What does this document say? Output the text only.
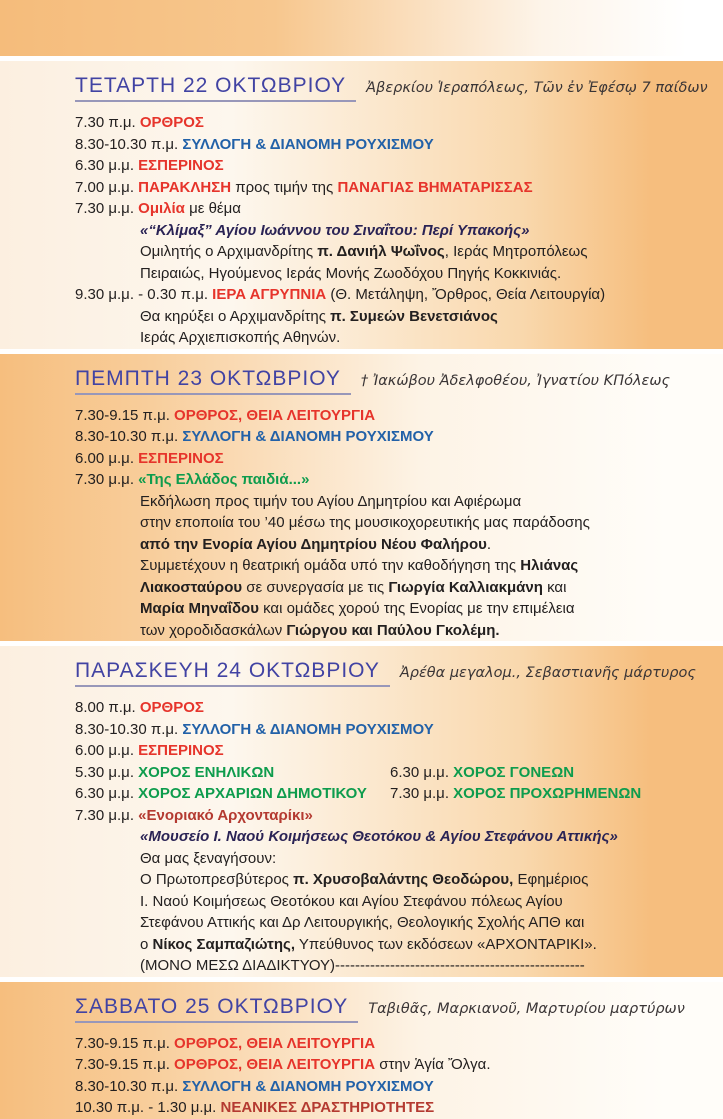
ΤΕΤΑΡΤΗ 22 ΟΚΤΩΒΡΙΟΥ Ἀβερκίου Ἱεραπόλεως, Τῶν ἐν Ἐφέσῳ 7 παίδων
7.30 π.μ. ΟΡΘΡΟΣ
8.30-10.30 π.μ. ΣΥΛΛΟΓΗ & ΔΙΑΝΟΜΗ ΡΟΥΧΙΣΜΟΥ
6.30 μ.μ. ΕΣΠΕΡΙΝΟΣ
7.00 μ.μ. ΠΑΡΑΚΛΗΣΗ προς τιμήν της ΠΑΝΑΓΙΑΣ ΒΗΜΑΤΑΡΙΣΣΑΣ
7.30 μ.μ. Ομιλία με θέμα
«“Κλίμαξ” Αγίου Ιωάννου του Σιναΐτου: Περί Υπακοής»
Ομιλητής ο Αρχιμανδρίτης π. Δανιήλ Ψωΐνος, Ιεράς Μητροπόλεως
Πειραιώς, Ηγούμενος Ιεράς Μονής Ζωοδόχου Πηγής Κοκκινιάς.
9.30 μ.μ. - 0.30 π.μ. ΙΕΡΑ ΑΓΡΥΠΝΙΑ (Θ. Μετάληψη, Ὄρθρος, Θεία Λειτουργία)
Θα κηρύξει ο Αρχιμανδρίτης π. Συμεών Βενετσιάνος
Ιεράς Αρχιεπισκοπής Αθηνών.
ΠΕΜΠΤΗ 23 ΟΚΤΩΒΡΙΟΥ † Ἰακώβου Ἀδελφοθέου, Ἰγνατίου ΚΠόλεως
7.30-9.15 π.μ. ΟΡΘΡΟΣ, ΘΕΙΑ ΛΕΙΤΟΥΡΓΙΑ
8.30-10.30 π.μ. ΣΥΛΛΟΓΗ & ΔΙΑΝΟΜΗ ΡΟΥΧΙΣΜΟΥ
6.00 μ.μ. ΕΣΠΕΡΙΝΟΣ
7.30 μ.μ. «Της Ελλάδος παιδιά...»
Εκδήλωση προς τιμήν του Αγίου Δημητρίου και Αφιέρωμα
στην εποποιία του ’40 μέσω της μουσικοχορευτικής μας παράδοσης
από την Ενορία Αγίου Δημητρίου Νέου Φαλήρου.
Συμμετέχουν η θεατρική ομάδα υπό την καθοδήγηση της Ηλιάνας
Λιακοσταύρου σε συνεργασία με τις Γιωργία Καλλιακμάνη και
Μαρία Μηναΐδου και ομάδες χορού της Ενορίας με την επιμέλεια
των χοροδιδασκάλων Γιώργου και Παύλου Γκολέμη.
ΠΑΡΑΣΚΕΥΗ 24 ΟΚΤΩΒΡΙΟΥ Ἀρέθα μεγαλομ., Σεβαστιανῆς μάρτυρος
8.00 π.μ. ΟΡΘΡΟΣ
8.30-10.30 π.μ. ΣΥΛΛΟΓΗ & ΔΙΑΝΟΜΗ ΡΟΥΧΙΣΜΟΥ
6.00 μ.μ. ΕΣΠΕΡΙΝΟΣ
5.30 μ.μ. ΧΟΡΟΣ ΕΝΗΛΙΚΩΝ	6.30 μ.μ. ΧΟΡΟΣ ΓΟΝΕΩΝ
6.30 μ.μ. ΧΟΡΟΣ ΑΡΧΑΡΙΩΝ ΔΗΜΟΤΙΚΟΥ	7.30 μ.μ. ΧΟΡΟΣ ΠΡΟΧΩΡΗΜΕΝΩΝ
7.30 μ.μ. «Ενοριακό Αρχονταρίκι»
«Μουσείο Ι. Ναού Κοιμήσεως Θεοτόκου & Αγίου Στεφάνου Αττικής»
Θα μας ξεναγήσουν:
Ο Πρωτοπρεσβύτερος π. Χρυσοβαλάντης Θεοδώρου, Εφημέριος
Ι. Ναού Κοιμήσεως Θεοτόκου και Αγίου Στεφάνου πόλεως Αγίου
Στεφάνου Αττικής και Δρ Λειτουργικής, Θεολογικής Σχολής ΑΠΘ και
ο Νίκος Σαμπαζιώτης, Υπεύθυνος των εκδόσεων «ΑΡΧΟΝΤΑΡΙΚΙ».
(ΜΟΝΟ ΜΕΣΩ ΔΙΑΔΙΚΤΥΟΥ)--------------------------------------------------
ΣΑΒΒΑΤΟ 25 ΟΚΤΩΒΡΙΟΥ Ταβιθᾶς, Μαρκιανοῦ, Μαρτυρίου μαρτύρων
7.30-9.15 π.μ. ΟΡΘΡΟΣ, ΘΕΙΑ ΛΕΙΤΟΥΡΓΙΑ
7.30-9.15 π.μ. ΟΡΘΡΟΣ, ΘΕΙΑ ΛΕΙΤΟΥΡΓΙΑ στην Ἁγία Ὄλγα.
8.30-10.30 π.μ. ΣΥΛΛΟΓΗ & ΔΙΑΝΟΜΗ ΡΟΥΧΙΣΜΟΥ
10.30 π.μ. - 1.30 μ.μ. ΝΕΑΝΙΚΕΣ ΔΡΑΣΤΗΡΙΟΤΗΤΕΣ
